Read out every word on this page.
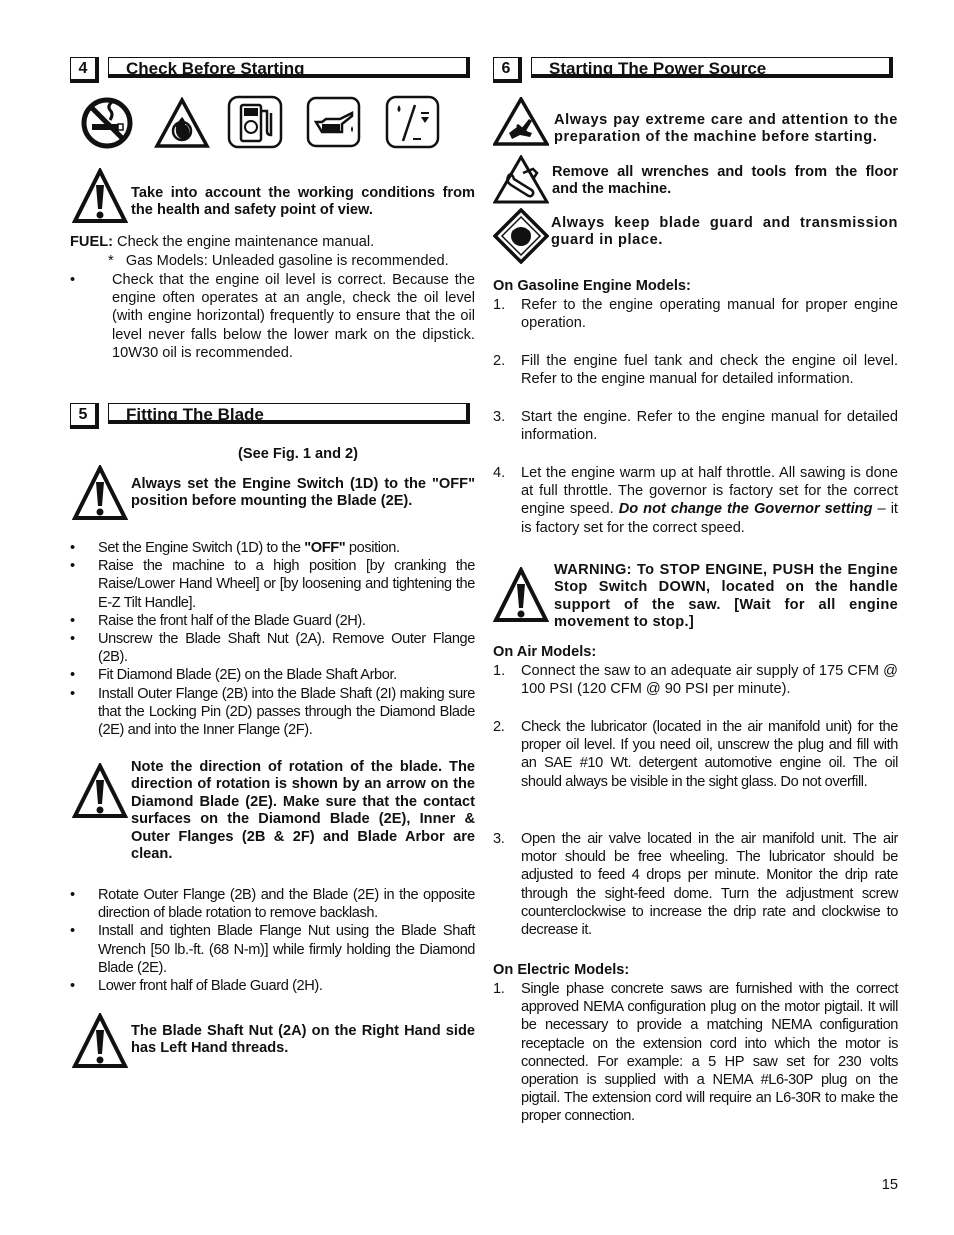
4	Check Before Starting
Take into account the working conditions from the health and safety point of view.
FUEL: Check the engine maintenance manual.
* Gas Models: Unleaded gasoline is recommended.
•	Check that the engine oil level is correct. Because the engine often operates at an angle, check the oil level (with engine horizontal) frequently to ensure that the oil level never falls below the lower mark on the dipstick. 10W30 oil is recommended.

5	Fitting The Blade
(See Fig. 1 and 2)
Always set the Engine Switch (1D) to the "OFF" position before mounting the Blade (2E).
• Set the Engine Switch (1D) to the "OFF" position.
• Raise the machine to a high position [by cranking the Raise/Lower Hand Wheel] or [by loosening and tightening the E-Z Tilt Handle].
• Raise the front half of the Blade Guard (2H).
• Unscrew the Blade Shaft Nut (2A). Remove Outer Flange (2B).
• Fit Diamond Blade (2E) on the Blade Shaft Arbor.
• Install Outer Flange (2B) into the Blade Shaft (2I) making sure that the Locking Pin (2D) passes through the Diamond Blade (2E) and into the Inner Flange (2F).
Note the direction of rotation of the blade. The direction of rotation is shown by an arrow on the Diamond Blade (2E). Make sure that the contact surfaces on the Diamond Blade (2E), Inner & Outer Flanges (2B & 2F) and Blade Arbor are clean.
• Rotate Outer Flange (2B) and the Blade (2E) in the opposite direction of blade rotation to remove backlash.
• Install and tighten Blade Flange Nut using the Blade Shaft Wrench [50 lb.-ft. (68 N-m)] while firmly holding the Diamond Blade (2E).
• Lower front half of Blade Guard (2H).
The Blade Shaft Nut (2A) on the Right Hand side has Left Hand threads.
6	Starting The Power Source
Always pay extreme care and attention to the preparation of the machine before starting.
Remove all wrenches and tools from the floor and the machine.
Always keep blade guard and transmission guard in place.
On Gasoline Engine Models:
1. Refer to the engine operating manual for proper engine operation.

2. Fill the engine fuel tank and check the engine oil level. Refer to the engine manual for detailed information.

3. Start the engine. Refer to the engine manual for detailed information.

4. Let the engine warm up at half throttle. All sawing is done at full throttle. The governor is factory set for the correct engine speed. Do not change the Governor setting – it is factory set for the correct speed.

WARNING: To STOP ENGINE, PUSH the Engine Stop Switch DOWN, located on the handle support of the saw. [Wait for all engine movement to stop.]
On Air Models:
1. Connect the saw to an adequate air supply of 175 CFM @ 100 PSI (120 CFM @ 90 PSI per minute).

2. Check the lubricator (located in the air manifold unit) for the proper oil level. If you need oil, unscrew the plug and fill with an SAE #10 Wt. detergent automotive engine oil. The oil should always be visible in the sight glass. Do not overfill.

3. Open the air valve located in the air manifold unit. The air motor should be free wheeling. The lubricator should be adjusted to feed 4 drops per minute. Monitor the drip rate through the sight-feed dome. Turn the adjustment screw counterclockwise to increase the drip rate and clockwise to decrease it.

On Electric Models:
1. Single phase concrete saws are furnished with the correct approved NEMA configuration plug on the motor pigtail. It will be necessary to provide a matching NEMA configuration receptacle on the extension cord into which the motor is connected. For example: a 5 HP saw set for 230 volts operation is supplied with a NEMA #L6-30P plug on the pigtail. The extension cord will require an L6-30R to make the proper connection.

15
